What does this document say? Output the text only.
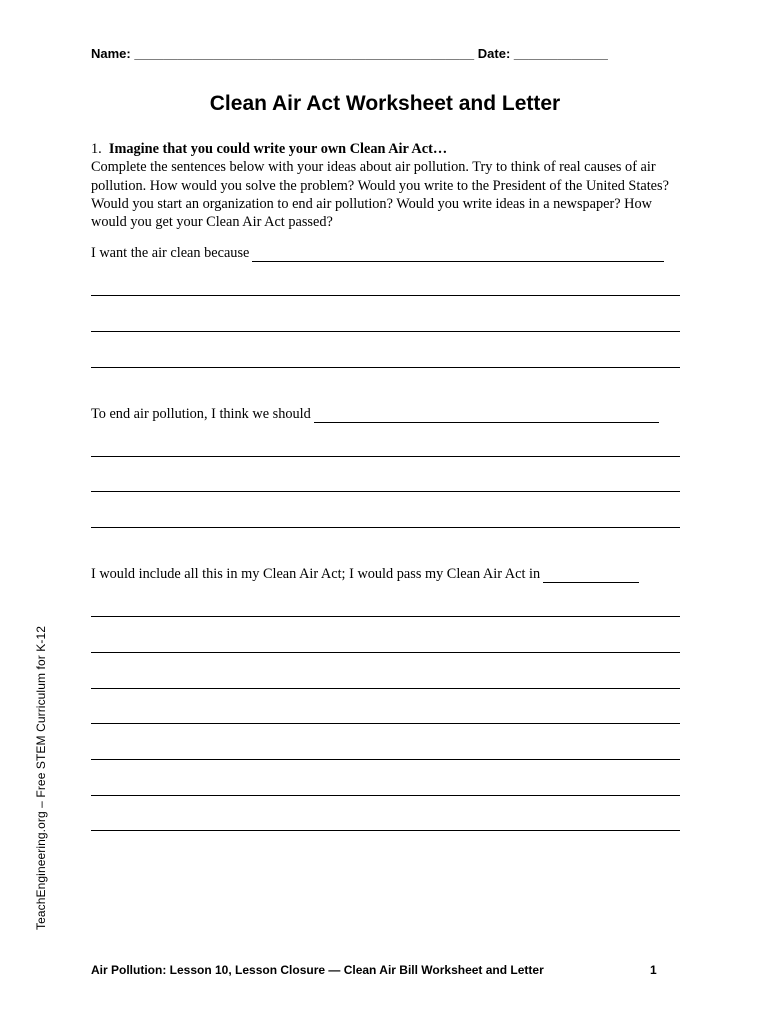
Name: _______________________________________________ Date: _____________
Clean Air Act Worksheet and Letter
1. Imagine that you could write your own Clean Air Act…
Complete the sentences below with your ideas about air pollution. Try to think of real causes of air pollution. How would you solve the problem? Would you write to the President of the United States? Would you start an organization to end air pollution? Would you write ideas in a newspaper? How would you get your Clean Air Act passed?
I want the air clean because
To end air pollution, I think we should
I would include all this in my Clean Air Act; I would pass my Clean Air Act in
TeachEngineering.org – Free STEM Curriculum for K-12
Air Pollution: Lesson 10, Lesson Closure — Clean Air Bill Worksheet and Letter	1
